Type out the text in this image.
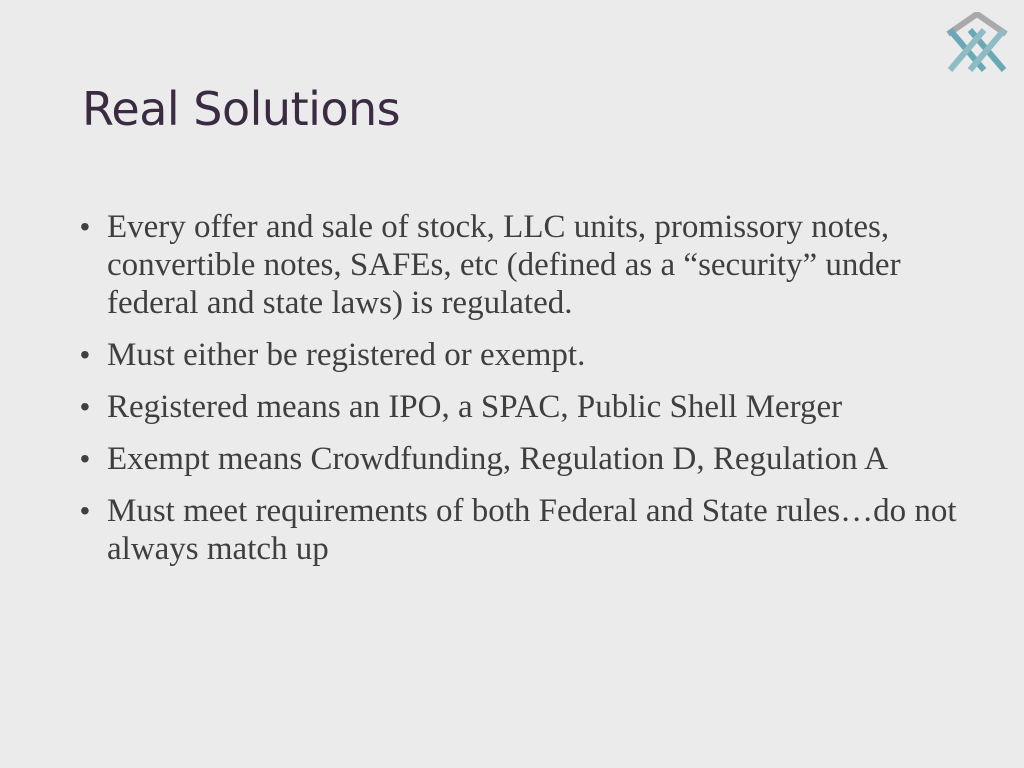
Real Solutions
• Every offer and sale of stock, LLC units, promissory notes, convertible notes, SAFEs, etc (defined as a “security” under federal and state laws) is regulated.
• Must either be registered or exempt.
• Registered means an IPO, a SPAC, Public Shell Merger
• Exempt means Crowdfunding, Regulation D, Regulation A
• Must meet requirements of both Federal and State rules…do not always match up
